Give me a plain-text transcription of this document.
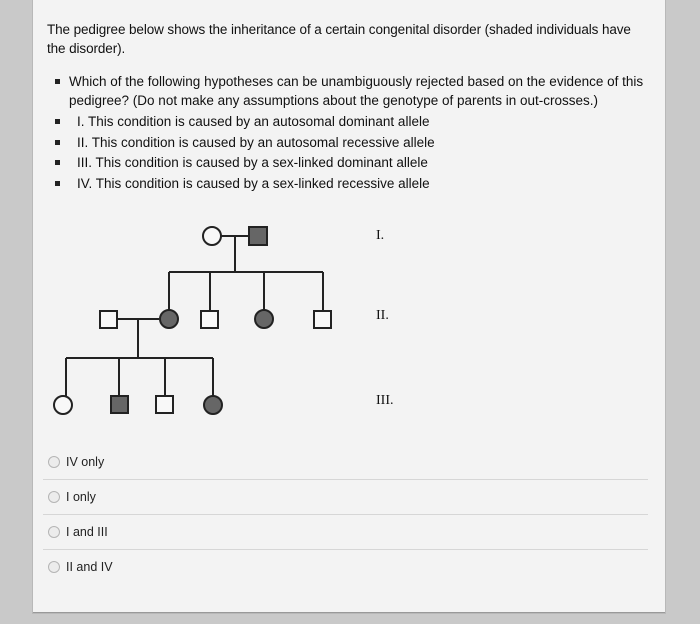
The pedigree below shows the inheritance of a certain congenital disorder (shaded individuals have the disorder).
Which of the following hypotheses can be unambiguously rejected based on the evidence of this pedigree? (Do not make any assumptions about the genotype of parents in out-crosses.)
I. This condition is caused by an autosomal dominant allele
II. This condition is caused by an autosomal recessive allele
III. This condition is caused by a sex-linked dominant allele
IV. This condition is caused by a sex-linked recessive allele
I.
II.
III.
IV only
I only
I and III
II and IV
